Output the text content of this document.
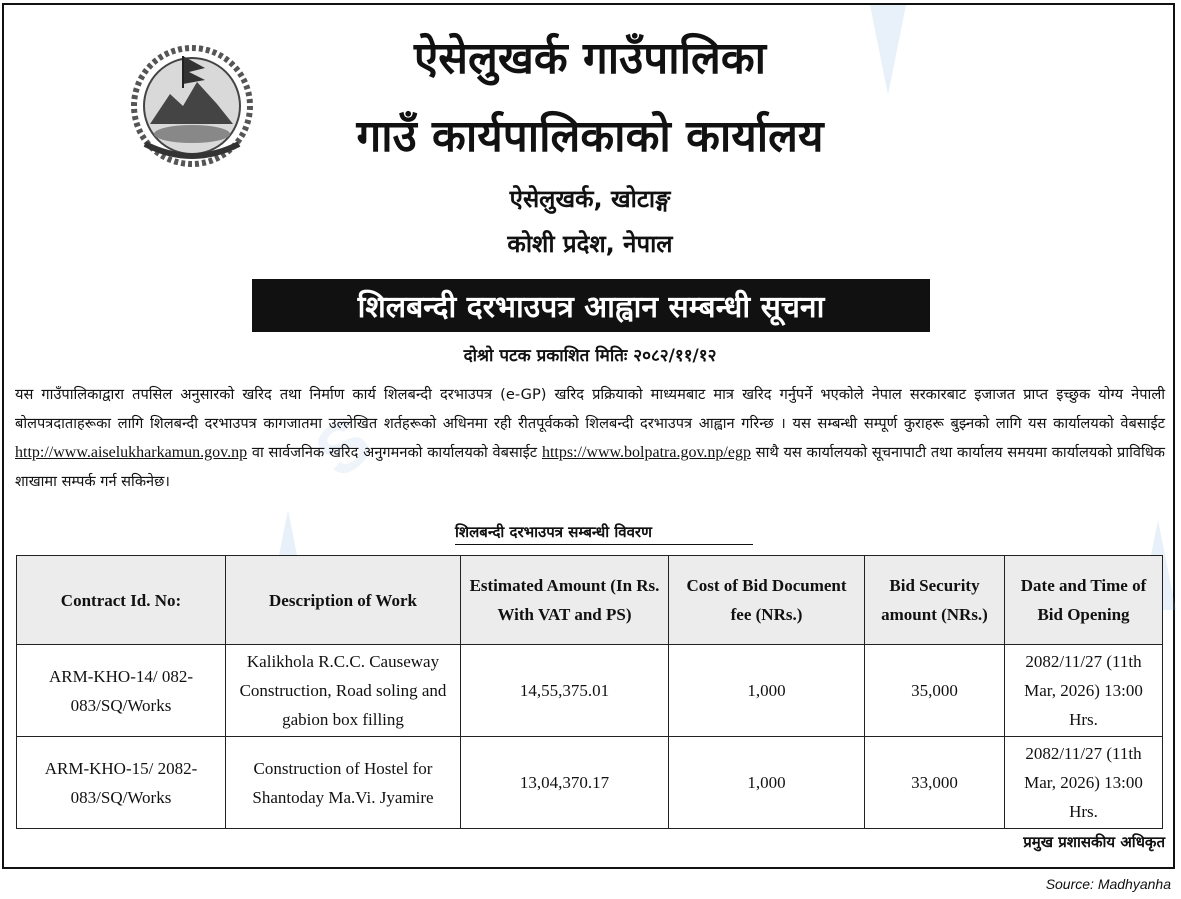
S
ऐसेलुखर्क गाउँपालिका
गाउँ कार्यपालिकाको कार्यालय
ऐसेलुखर्क, खोटाङ्ग
कोशी प्रदेश, नेपाल
शिलबन्दी दरभाउपत्र आह्वान सम्बन्धी सूचना
दोश्रो पटक प्रकाशित मितिः २०८२/११/१२
यस गाउँपालिकाद्वारा तपसिल अनुसारको खरिद तथा निर्माण कार्य शिलबन्दी दरभाउपत्र (e-GP) खरिद प्रक्रियाको माध्यमबाट मात्र खरिद गर्नुपर्ने भएकोले नेपाल सरकारबाट इजाजत प्राप्त इच्छुक योग्य नेपाली बोलपत्रदाताहरूका लागि शिलबन्दी दरभाउपत्र कागजातमा उल्लेखित शर्तहरूको अधिनमा रही रीतपूर्वकको शिलबन्दी दरभाउपत्र आह्वान गरिन्छ । यस सम्बन्धी सम्पूर्ण कुराहरू बुझ्नको लागि यस कार्यालयको वेबसाईट http://www.aiselukharkamun.gov.np वा सार्वजनिक खरिद अनुगमनको कार्यालयको वेबसाईट https://www.bolpatra.gov.np/egp साथै यस कार्यालयको सूचनापाटी तथा कार्यालय समयमा कार्यालयको प्राविधिक शाखामा सम्पर्क गर्न सकिनेछ।
शिलबन्दी दरभाउपत्र सम्बन्धी विवरण
Contract Id. No:	Description of Work	Estimated Amount (In Rs. With VAT and PS)	Cost of Bid Document fee (NRs.)	Bid Security amount (NRs.)	Date and Time of Bid Opening
ARM-KHO-14/ 082-083/SQ/Works	Kalikhola R.C.C. Causeway Construction, Road soling and gabion box filling	14,55,375.01	1,000	35,000	2082/11/27 (11th Mar, 2026) 13:00 Hrs.
ARM-KHO-15/ 2082-083/SQ/Works	Construction of Hostel for Shantoday Ma.Vi. Jyamire	13,04,370.17	1,000	33,000	2082/11/27 (11th Mar, 2026) 13:00 Hrs.
प्रमुख प्रशासकीय अधिकृत
Source: Madhyanha
